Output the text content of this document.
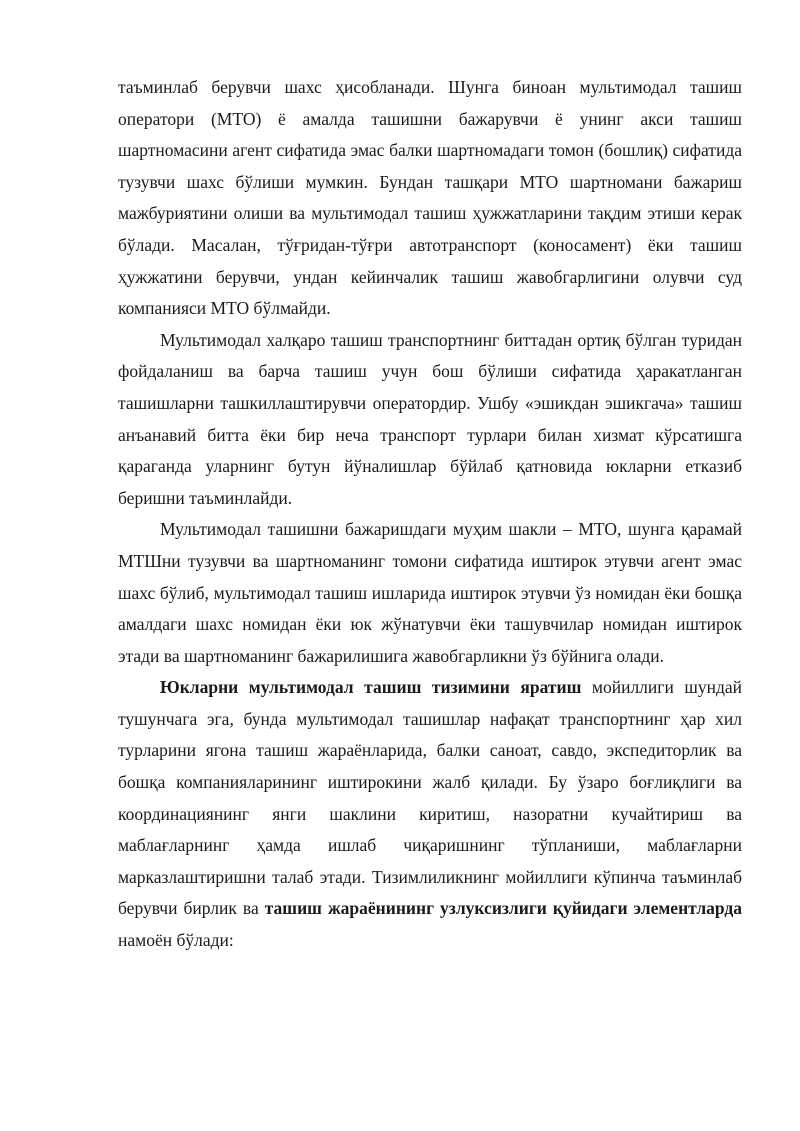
таъминлаб берувчи шахс ҳисобланади. Шунга биноан мультимодал ташиш оператори (МТО) ё амалда ташишни бажарувчи ё унинг акси ташиш шартномасини агент сифатида эмас балки шартномадаги томон (бошлиқ) сифатида тузувчи шахс бўлиши мумкин. Бундан ташқари МТО шартномани бажариш мажбуриятини олиши ва мультимодал ташиш ҳужжатларини тақдим этиши керак бўлади. Масалан, тўғридан-тўғри автотранспорт (коносамент) ёки ташиш ҳужжатини берувчи, ундан кейинчалик ташиш жавобгарлигини олувчи суд компанияси МТО бўлмайди.

Мультимодал халқаро ташиш транспортнинг биттадан ортиқ бўлган туридан фойдаланиш ва барча ташиш учун бош бўлиши сифатида ҳаракатланган ташишларни ташкиллаштирувчи оператордир. Ушбу «эшикдан эшикгача» ташиш анъанавий битта ёки бир неча транспорт турлари билан хизмат кўрсатишга қараганда уларнинг бутун йўналишлар бўйлаб қатновида юкларни етказиб беришни таъминлайди.

Мультимодал ташишни бажаришдаги муҳим шакли – МТО, шунга қарамай МТШни тузувчи ва шартноманинг томони сифатида иштирок этувчи агент эмас шахс бўлиб, мультимодал ташиш ишларида иштирок этувчи ўз номидан ёки бошқа амалдаги шахс номидан ёки юк жўнатувчи ёки ташувчилар номидан иштирок этади ва шартноманинг бажарилишига жавобгарликни ўз бўйнига олади.

Юкларни мультимодал ташиш тизимини яратиш мойиллиги шундай тушунчага эга, бунда мультимодал ташишлар нафақат транспортнинг ҳар хил турларини ягона ташиш жараёнларида, балки саноат, савдо, экспедиторлик ва бошқа компанияларининг иштирокини жалб қилади. Бу ўзаро боғлиқлиги ва координациянинг янги шаклини киритиш, назоратни кучайтириш ва маблағларнинг ҳамда ишлаб чиқаришнинг тўпланиши, маблағларни марказлаштиришни талаб этади. Тизимлиликнинг мойиллиги кўпинча таъминлаб берувчи бирлик ва ташиш жараёнининг узлуксизлиги қуйидаги элементларда намоён бўлади:
